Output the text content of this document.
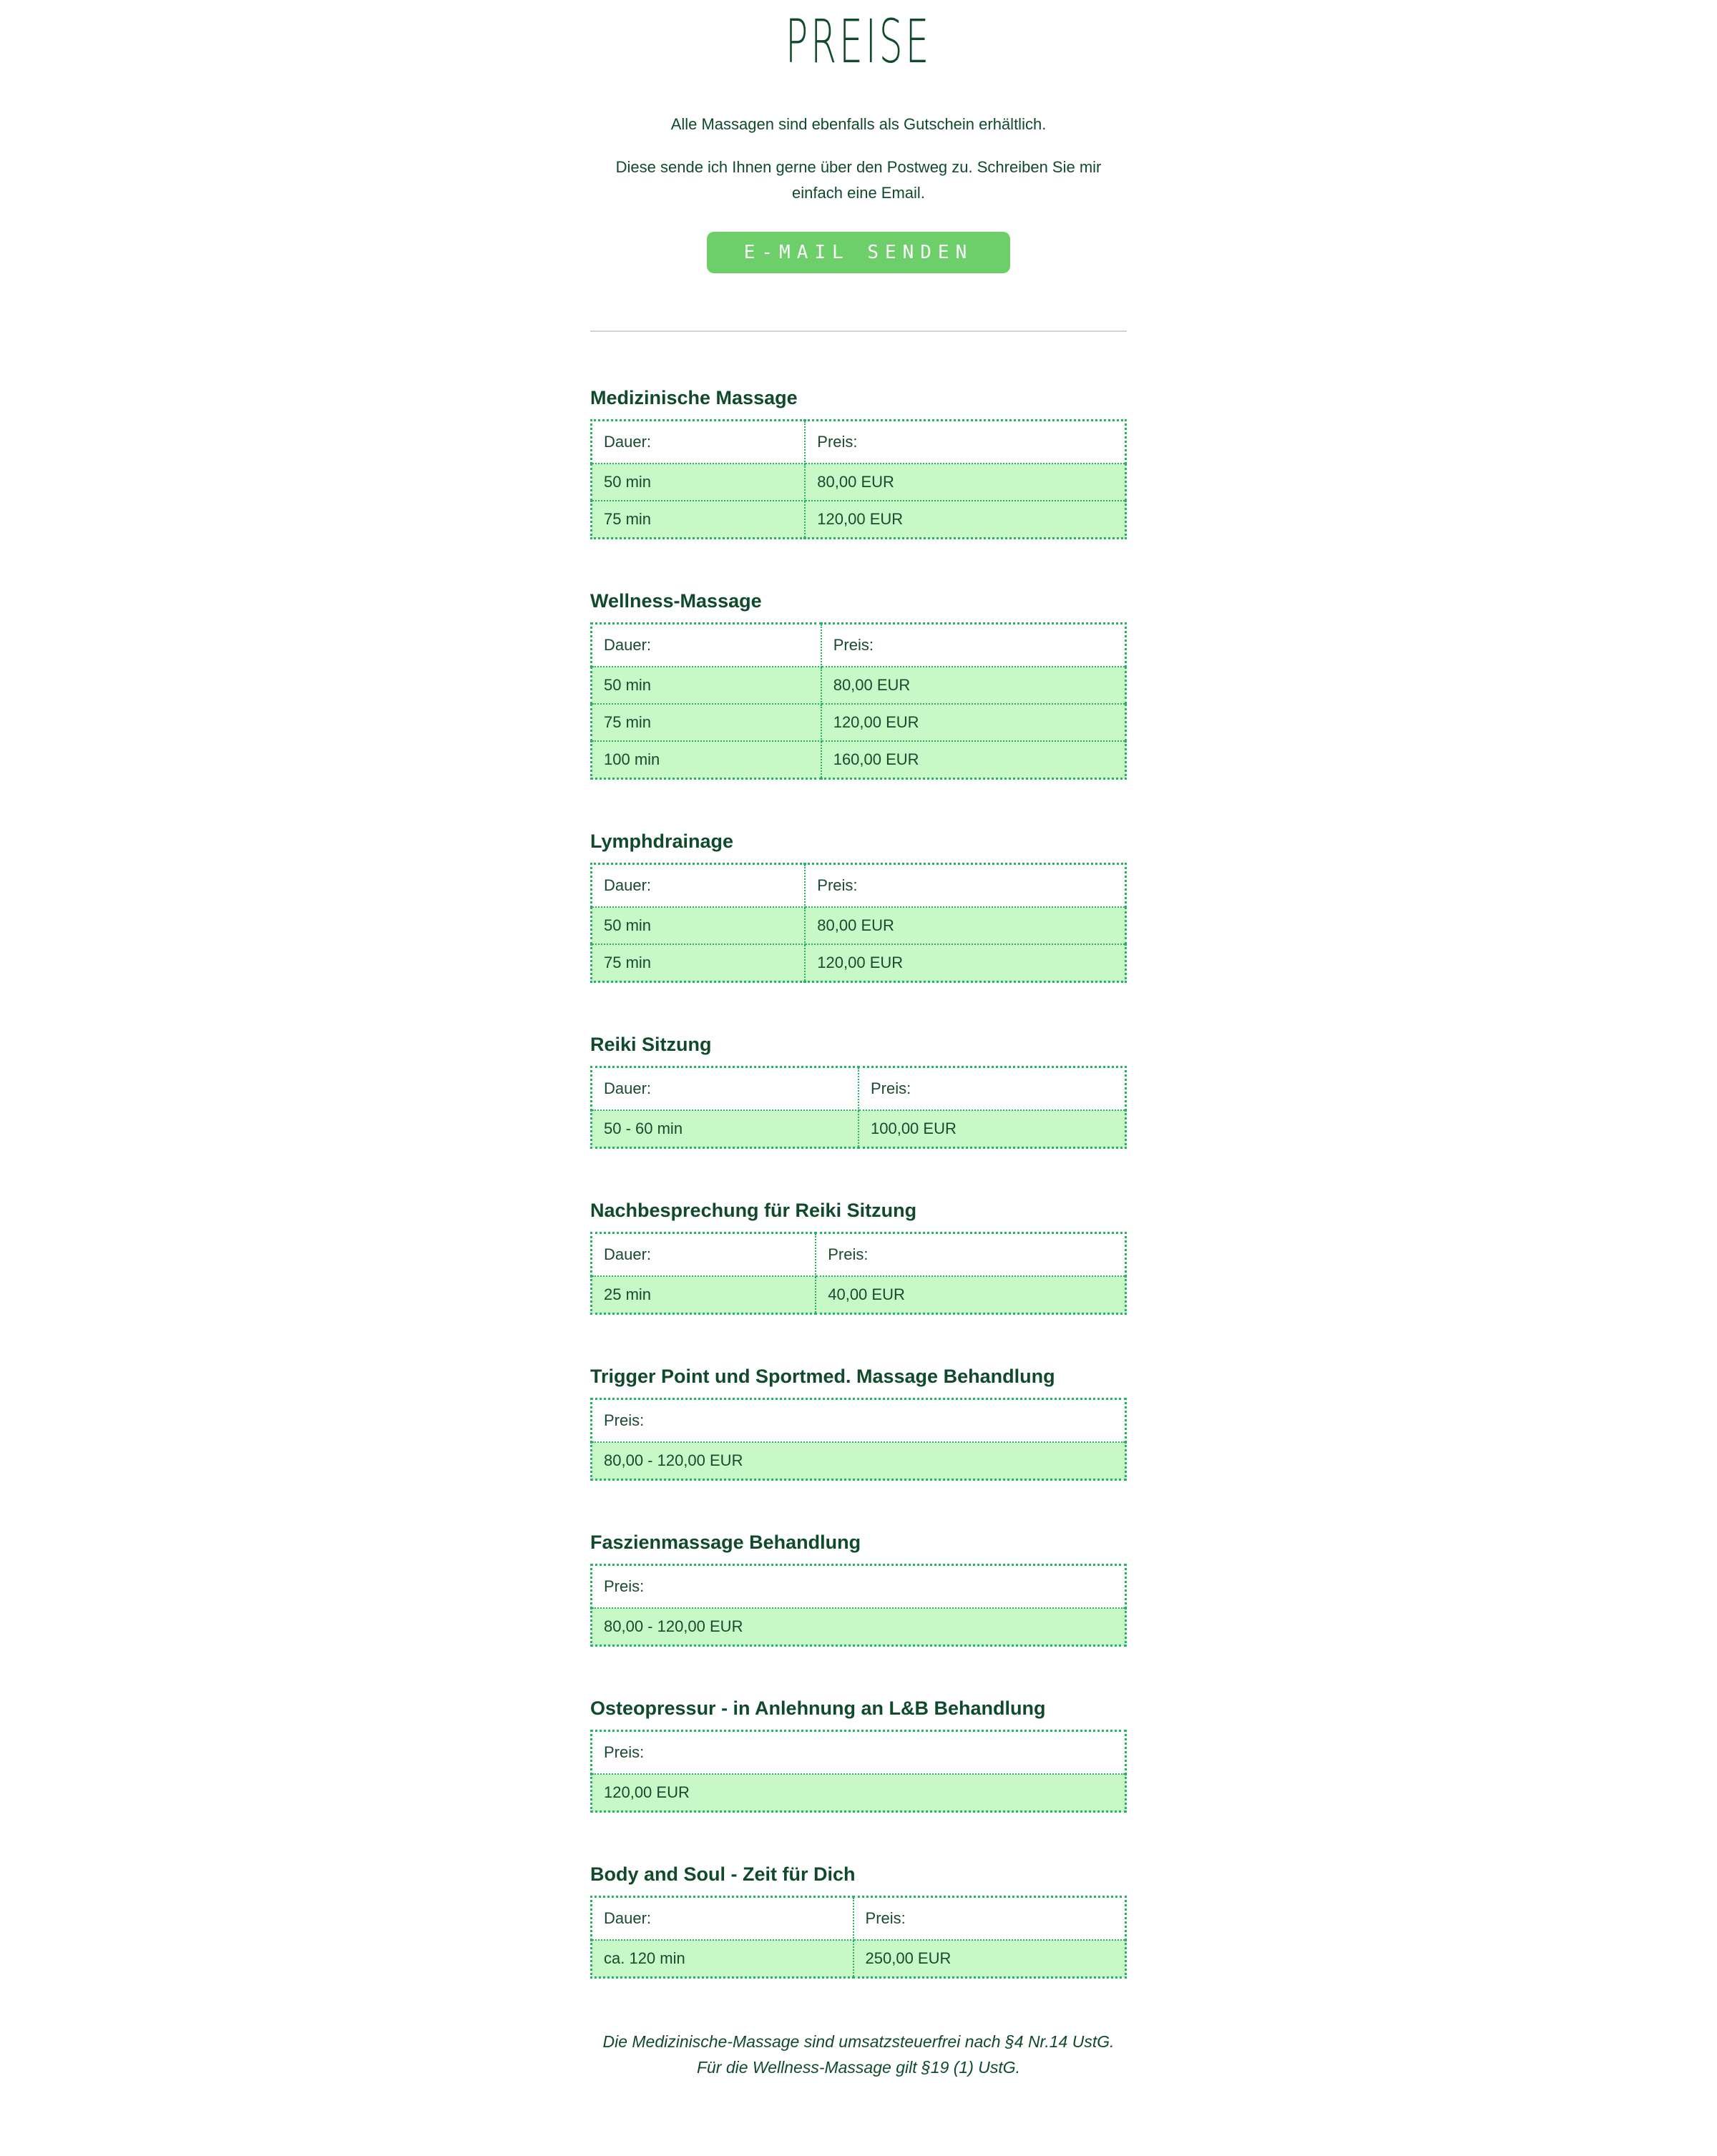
PREISE

Alle Massagen sind ebenfalls als Gutschein erhältlich.

Diese sende ich Ihnen gerne über den Postweg zu. Schreiben Sie mir einfach eine Email.

E-MAIL SENDEN
Medizinische Massage
Dauer:	Preis:
50 min	80,00 EUR
75 min	120,00 EUR
Wellness-Massage
Dauer:	Preis:
50 min	80,00 EUR
75 min	120,00 EUR
100 min	160,00 EUR
Lymphdrainage
Dauer:	Preis:
50 min	80,00 EUR
75 min	120,00 EUR
Reiki Sitzung
Dauer:	Preis:
50 - 60 min	100,00 EUR
Nachbesprechung für Reiki Sitzung
Dauer:	Preis:
25 min	40,00 EUR
Trigger Point und Sportmed. Massage Behandlung
Preis:
80,00 - 120,00 EUR
Faszienmassage Behandlung
Preis:
80,00 - 120,00 EUR
Osteopressur - in Anlehnung an L&B Behandlung
Preis:
120,00 EUR
Body and Soul - Zeit für Dich
Dauer:	Preis:
ca. 120 min	250,00 EUR

Die Medizinische-Massage sind umsatzsteuerfrei nach §4 Nr.14 UstG.
Für die Wellness-Massage gilt §19 (1) UstG.
